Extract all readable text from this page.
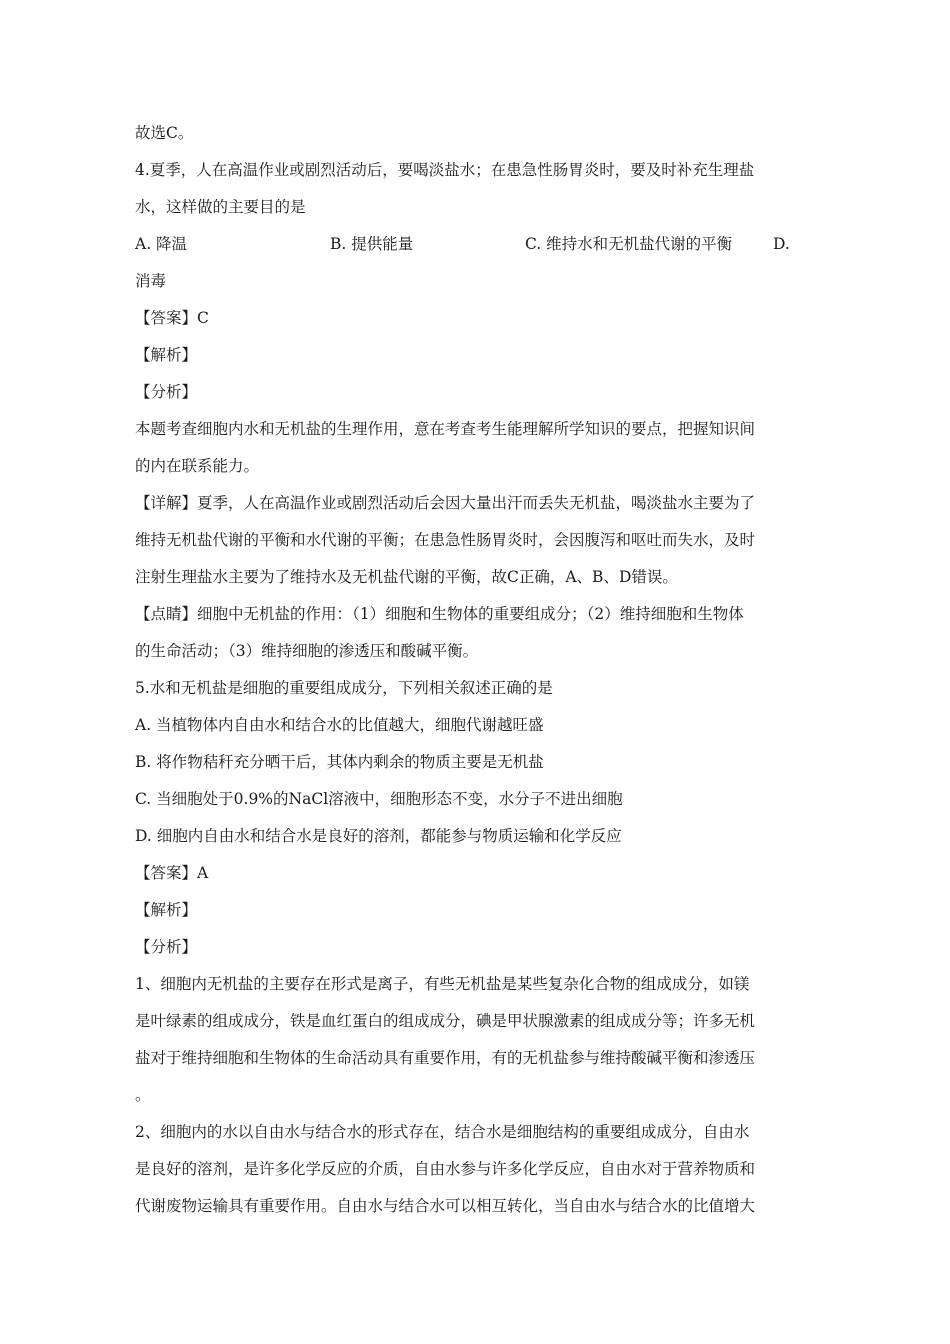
故选C。
4.夏季，人在高温作业或剧烈活动后，要喝淡盐水；在患急性肠胃炎时，要及时补充生理盐
水，这样做的主要目的是
A. 降温	B. 提供能量	C. 维持水和无机盐代谢的平衡	D.
消毒
【答案】C
【解析】
【分析】
本题考查细胞内水和无机盐的生理作用，意在考查考生能理解所学知识的要点，把握知识间
的内在联系能力。
【详解】夏季，人在高温作业或剧烈活动后会因大量出汗而丢失无机盐，喝淡盐水主要为了
维持无机盐代谢的平衡和水代谢的平衡；在患急性肠胃炎时，会因腹泻和呕吐而失水，及时
注射生理盐水主要为了维持水及无机盐代谢的平衡，故C正确，A、B、D错误。
【点睛】细胞中无机盐的作用：（1）细胞和生物体的重要组成分；（2）维持细胞和生物体
的生命活动；（3）维持细胞的渗透压和酸碱平衡。
5.水和无机盐是细胞的重要组成成分，下列相关叙述正确的是
A. 当植物体内自由水和结合水的比值越大，细胞代谢越旺盛
B. 将作物秸秆充分晒干后，其体内剩余的物质主要是无机盐
C. 当细胞处于0.9%的NaCl溶液中，细胞形态不变，水分子不进出细胞
D. 细胞内自由水和结合水是良好的溶剂，都能参与物质运输和化学反应
【答案】A
【解析】
【分析】
1、细胞内无机盐的主要存在形式是离子，有些无机盐是某些复杂化合物的组成成分，如镁
是叶绿素的组成成分，铁是血红蛋白的组成成分，碘是甲状腺激素的组成成分等；许多无机
盐对于维持细胞和生物体的生命活动具有重要作用，有的无机盐参与维持酸碱平衡和渗透压
。
2、细胞内的水以自由水与结合水的形式存在，结合水是细胞结构的重要组成成分，自由水
是良好的溶剂，是许多化学反应的介质，自由水参与许多化学反应，自由水对于营养物质和
代谢废物运输具有重要作用。自由水与结合水可以相互转化，当自由水与结合水的比值增大
